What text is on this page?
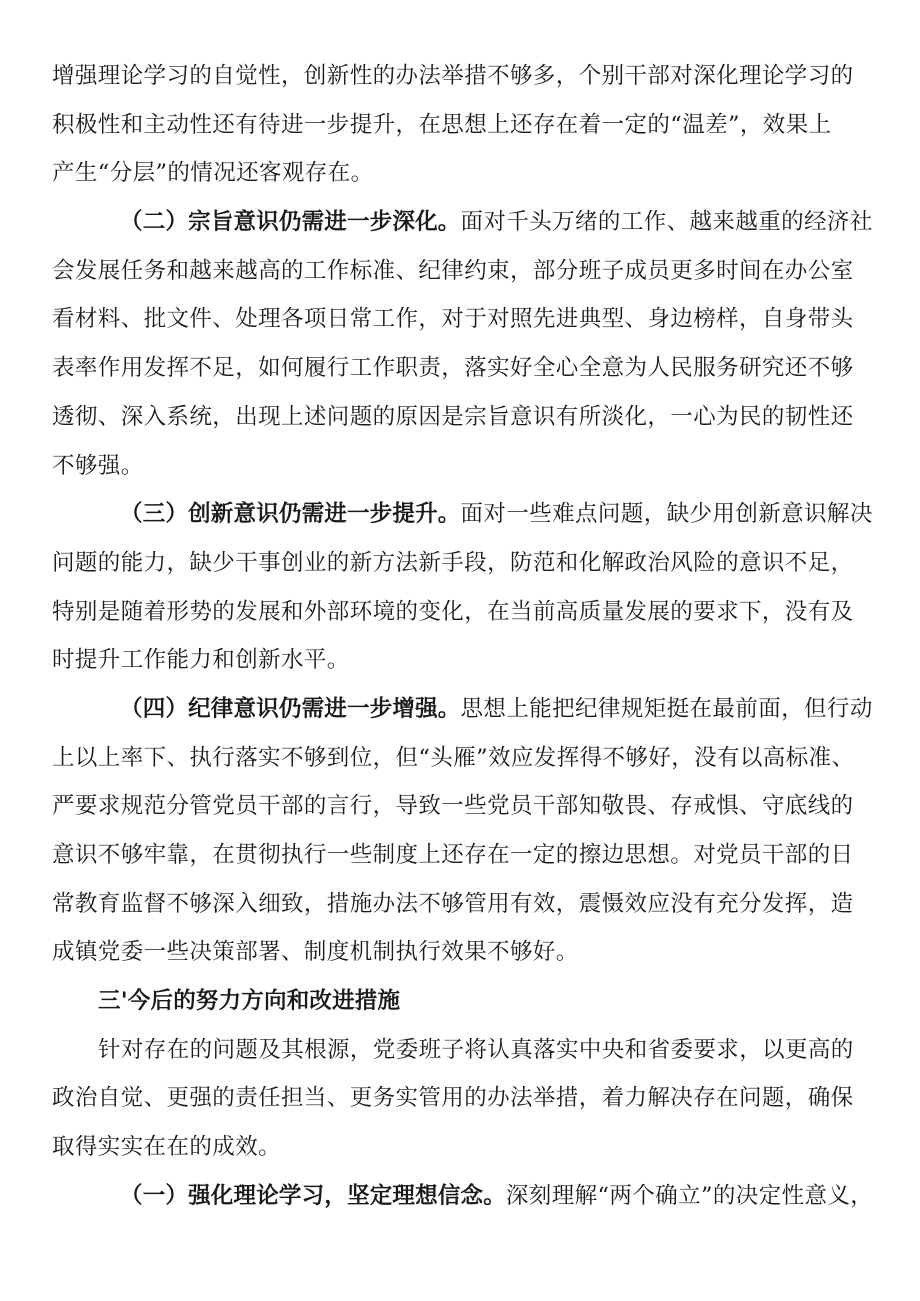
增强理论学习的自觉性，创新性的办法举措不够多，个别干部对深化理论学习的
积极性和主动性还有待进一步提升，在思想上还存在着一定的“温差”，效果上
产生“分层”的情况还客观存在。
（二）宗旨意识仍需进一步深化。面对千头万绪的工作、越来越重的经济社
会发展任务和越来越高的工作标准、纪律约束，部分班子成员更多时间在办公室
看材料、批文件、处理各项日常工作，对于对照先进典型、身边榜样，自身带头
表率作用发挥不足，如何履行工作职责，落实好全心全意为人民服务研究还不够
透彻、深入系统，出现上述问题的原因是宗旨意识有所淡化，一心为民的韧性还
不够强。
（三）创新意识仍需进一步提升。面对一些难点问题，缺少用创新意识解决
问题的能力，缺少干事创业的新方法新手段，防范和化解政治风险的意识不足，
特别是随着形势的发展和外部环境的变化，在当前高质量发展的要求下，没有及
时提升工作能力和创新水平。
（四）纪律意识仍需进一步增强。思想上能把纪律规矩挺在最前面，但行动
上以上率下、执行落实不够到位，但“头雁”效应发挥得不够好，没有以高标准、
严要求规范分管党员干部的言行，导致一些党员干部知敬畏、存戒惧、守底线的
意识不够牢靠，在贯彻执行一些制度上还存在一定的擦边思想。对党员干部的日
常教育监督不够深入细致，措施办法不够管用有效，震慑效应没有充分发挥，造
成镇党委一些决策部署、制度机制执行效果不够好。
三'今后的努力方向和改进措施
针对存在的问题及其根源，党委班子将认真落实中央和省委要求，以更高的
政治自觉、更强的责任担当、更务实管用的办法举措，着力解决存在问题，确保
取得实实在在的成效。
（一）强化理论学习，坚定理想信念。深刻理解“两个确立”的决定性意义，
